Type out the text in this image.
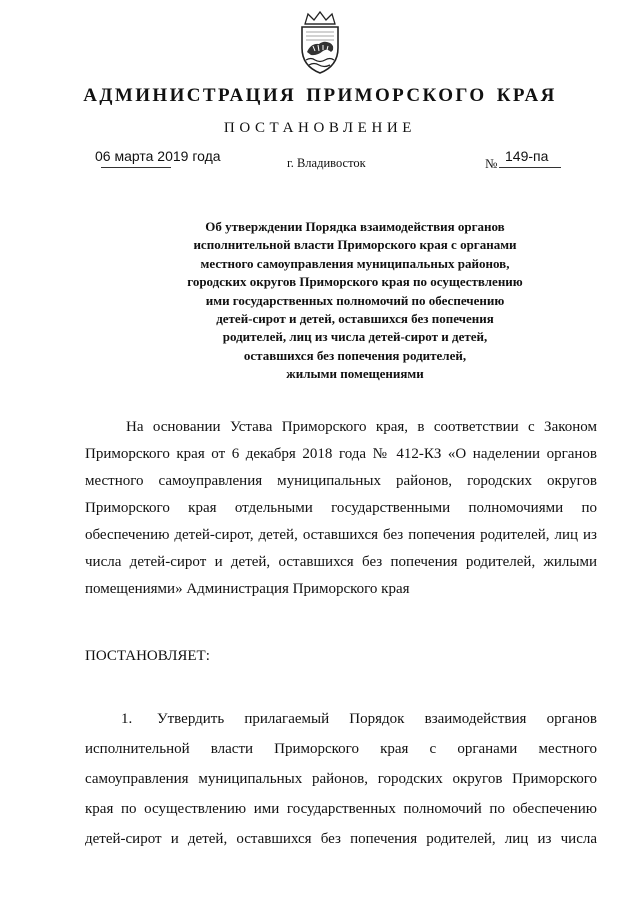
АДМИНИСТРАЦИЯ ПРИМОРСКОГО КРАЯ
ПОСТАНОВЛЕНИЕ
06 марта 2019 года	г. Владивосток	№ 149-па
Об утверждении Порядка взаимодействия органов
исполнительной власти Приморского края с органами
местного самоуправления муниципальных районов,
городских округов Приморского края по осуществлению
ими государственных полномочий по обеспечению
детей-сирот и детей, оставшихся без попечения
родителей, лиц из числа детей-сирот и детей,
оставшихся без попечения родителей,
жилыми помещениями
На основании Устава Приморского края, в соответствии с Законом
Приморского края от 6 декабря 2018 года № 412-КЗ «О наделении органов
местного самоуправления муниципальных районов, городских округов
Приморского края отдельными государственными полномочиями по
обеспечению детей-сирот, детей, оставшихся без попечения родителей, лиц из
числа детей-сирот и детей, оставшихся без попечения родителей, жилыми
помещениями» Администрация Приморского края
ПОСТАНОВЛЯЕТ:
1. Утвердить прилагаемый Порядок взаимодействия органов
исполнительной власти Приморского края с органами местного
самоуправления муниципальных районов, городских округов Приморского
края по осуществлению ими государственных полномочий по обеспечению
детей-сирот и детей, оставшихся без попечения родителей, лиц из числа
